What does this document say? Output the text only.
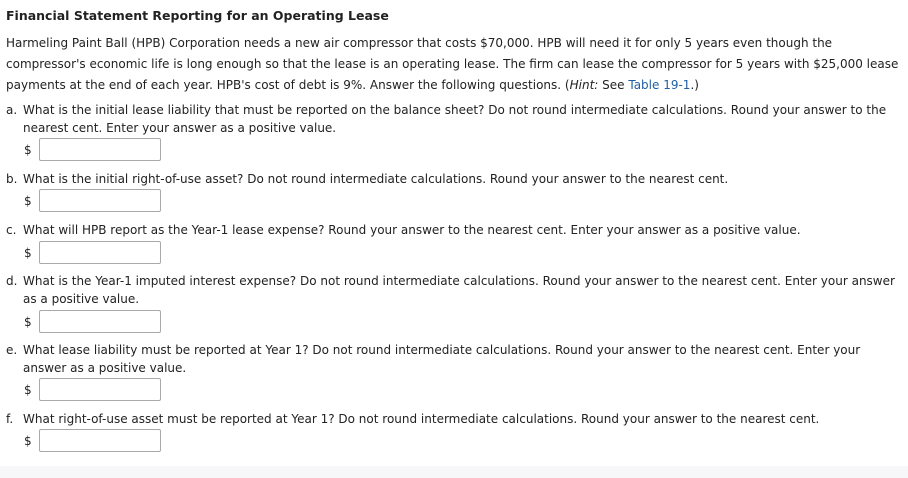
Financial Statement Reporting for an Operating Lease
Harmeling Paint Ball (HPB) Corporation needs a new air compressor that costs $70,000. HPB will need it for only 5 years even though the compressor's economic life is long enough so that the lease is an operating lease. The firm can lease the compressor for 5 years with $25,000 lease payments at the end of each year. HPB's cost of debt is 9%. Answer the following questions. (Hint: See Table 19-1.)
a. What is the initial lease liability that must be reported on the balance sheet? Do not round intermediate calculations. Round your answer to the nearest cent. Enter your answer as a positive value.
$
b. What is the initial right-of-use asset? Do not round intermediate calculations. Round your answer to the nearest cent.
$
c. What will HPB report as the Year-1 lease expense? Round your answer to the nearest cent. Enter your answer as a positive value.
$
d. What is the Year-1 imputed interest expense? Do not round intermediate calculations. Round your answer to the nearest cent. Enter your answer as a positive value.
$
e. What lease liability must be reported at Year 1? Do not round intermediate calculations. Round your answer to the nearest cent. Enter your answer as a positive value.
$
f. What right-of-use asset must be reported at Year 1? Do not round intermediate calculations. Round your answer to the nearest cent.
$
